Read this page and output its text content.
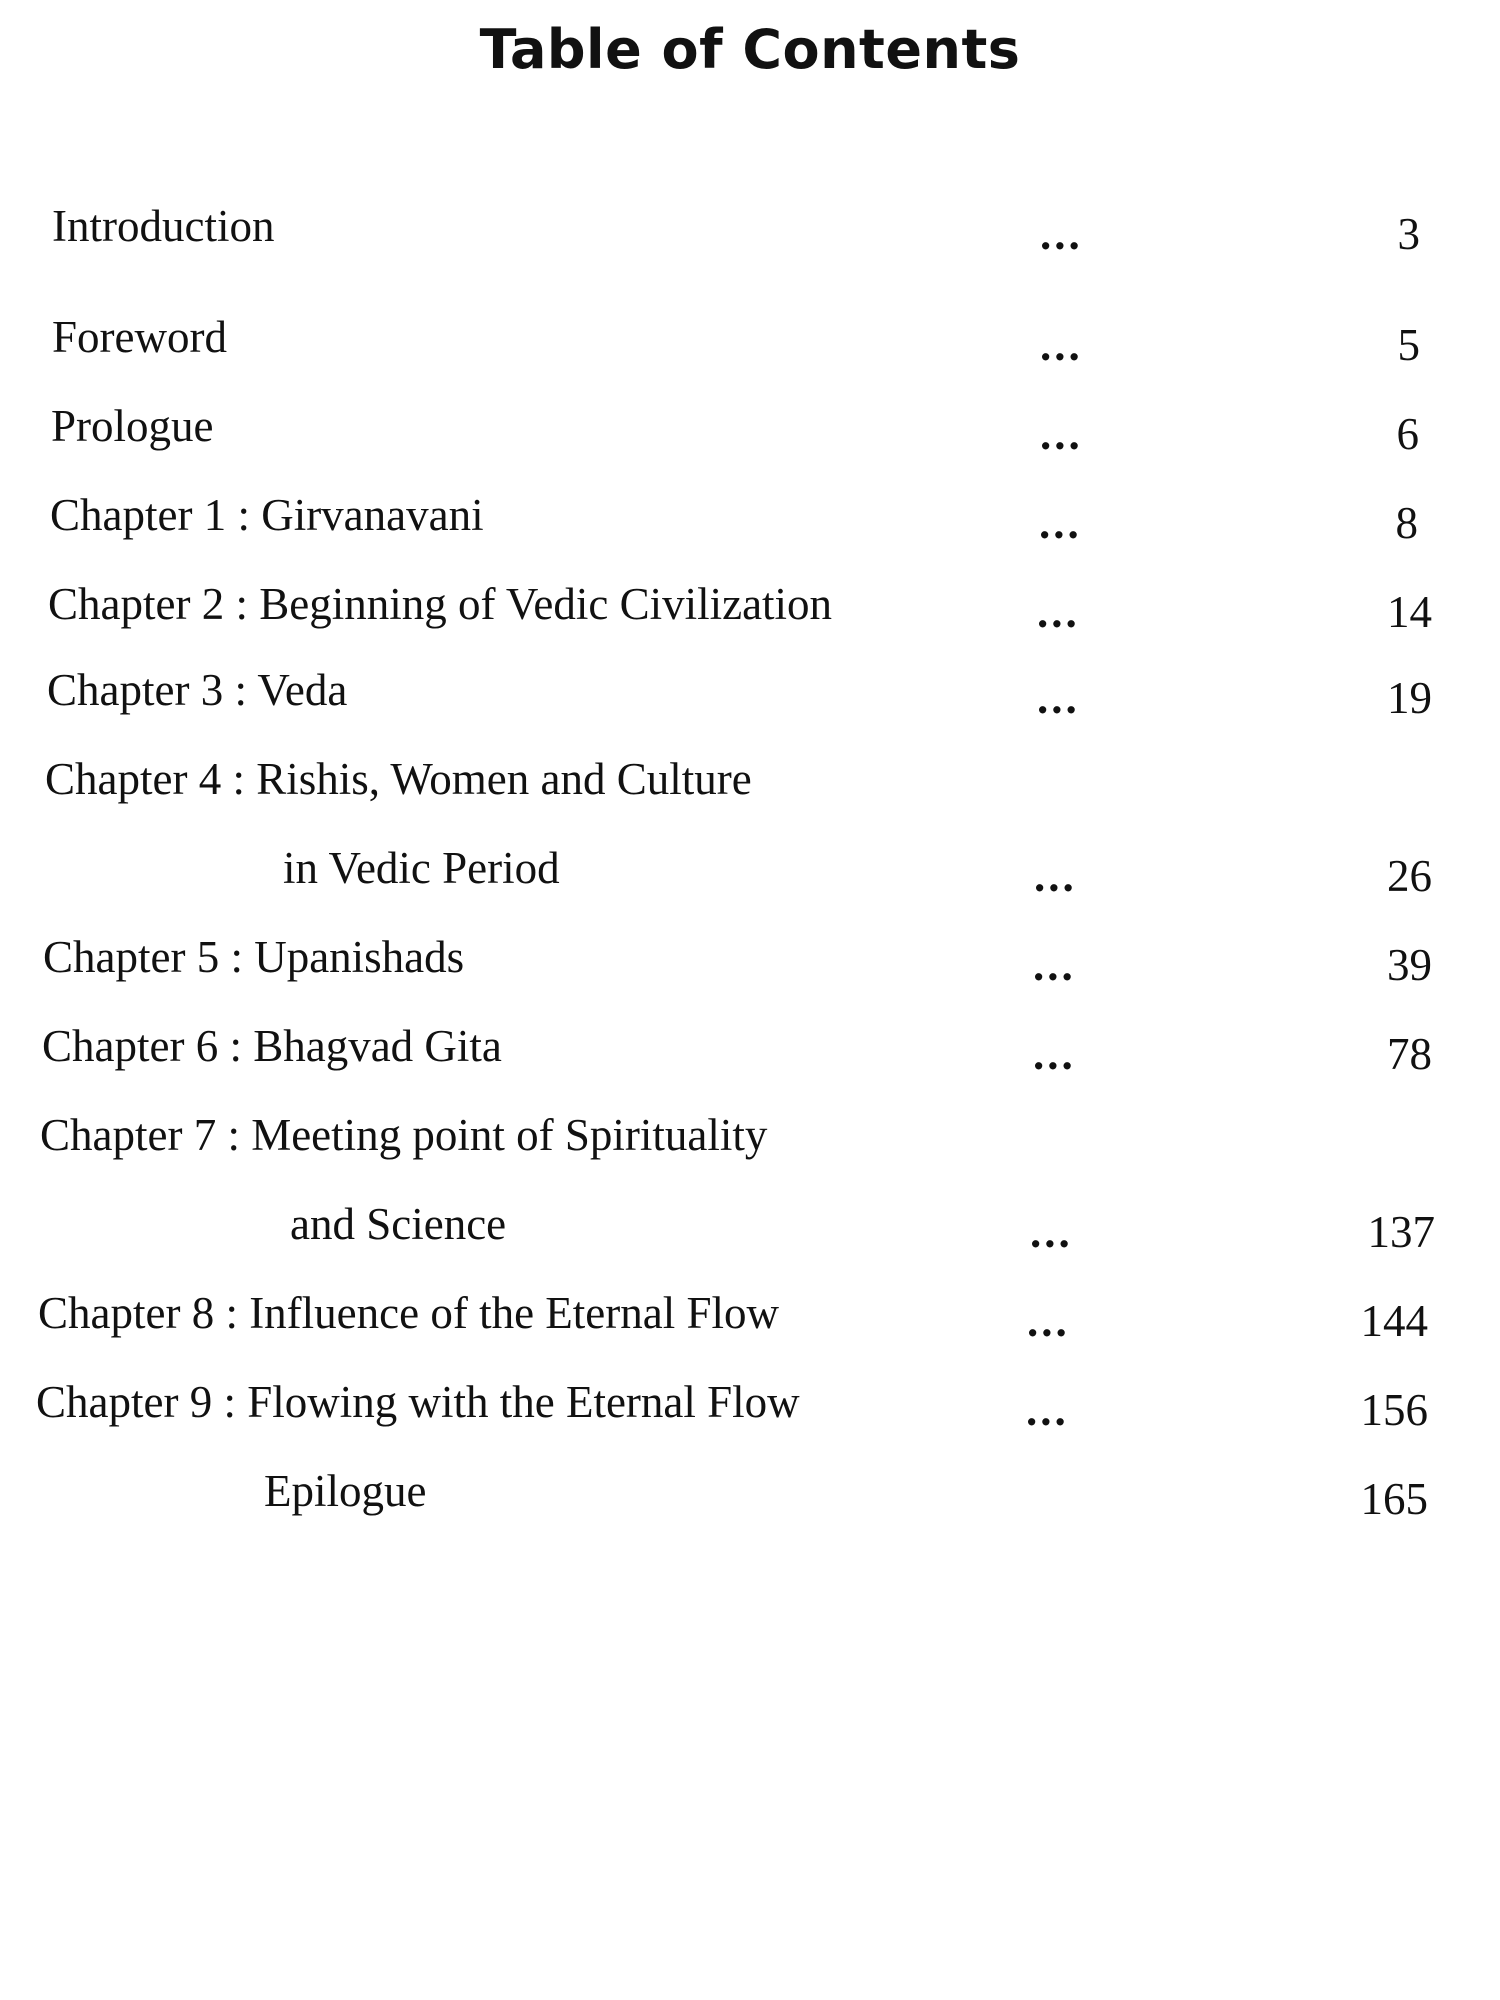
Table of Contents
Introduction	...	3
Foreword	...	5
Prologue	...	6
Chapter 1 : Girvanavani	...	8
Chapter 2 : Beginning of Vedic Civilization	...	14
Chapter 3 : Veda	...	19
Chapter 4 : Rishis, Women and Culture
in Vedic Period	...	26
Chapter 5 : Upanishads	...	39
Chapter 6 : Bhagvad Gita	...	78
Chapter 7 : Meeting point of Spirituality
and Science	...	137
Chapter 8 : Influence of the Eternal Flow	...	144
Chapter 9 : Flowing with the Eternal Flow	...	156
Epilogue	165
